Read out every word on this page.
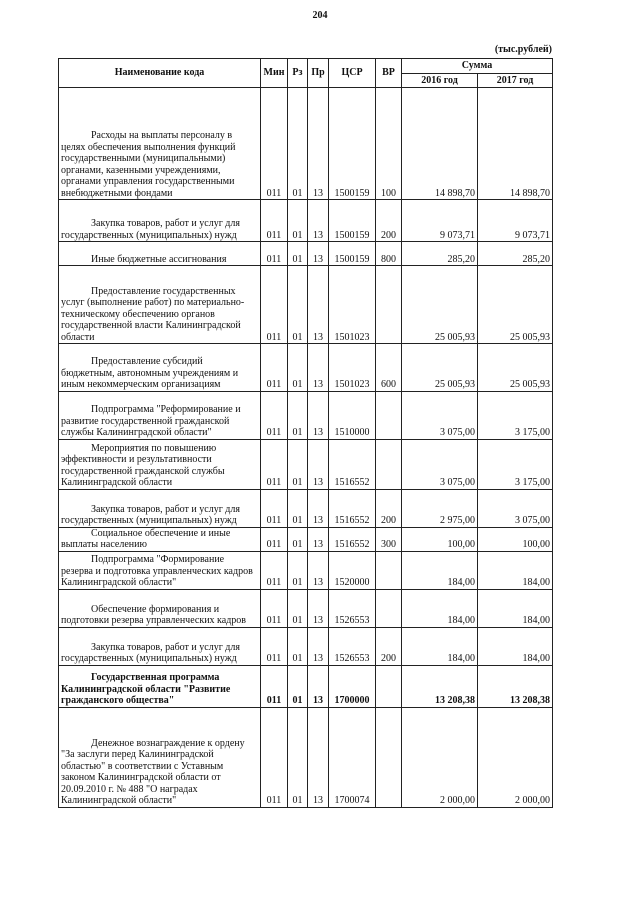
204
(тыс.рублей)
Наименование кода	Мин	Рз	Пр	ЦСР	ВР	Сумма	
						2016 год	2017 год
Расходы на выплаты персоналу в целях обеспечения выполнения функций государственными (муниципальными) органами, казенными учреждениями, органами управления государственными внебюджетными фондами	011	01	13	1500159	100	14 898,70	14 898,70
Закупка товаров, работ и услуг для государственных (муниципальных) нужд	011	01	13	1500159	200	9 073,71	9 073,71
Иные бюджетные ассигнования	011	01	13	1500159	800	285,20	285,20
Предоставление государственных услуг (выполнение работ) по материально-техническому обеспечению органов государственной власти Калининградской области	011	01	13	1501023		25 005,93	25 005,93
Предоставление субсидий бюджетным, автономным учреждениям и иным некоммерческим организациям	011	01	13	1501023	600	25 005,93	25 005,93
Подпрограмма "Реформирование и развитие государственной гражданской службы Калининградской области"	011	01	13	1510000		3 075,00	3 175,00
Мероприятия по повышению эффективности и результативности государственной гражданской службы Калининградской области	011	01	13	1516552		3 075,00	3 175,00
Закупка товаров, работ и услуг для государственных (муниципальных) нужд	011	01	13	1516552	200	2 975,00	3 075,00
Социальное обеспечение и иные выплаты населению	011	01	13	1516552	300	100,00	100,00
Подпрограмма "Формирование резерва и подготовка управленческих кадров Калининградской области"	011	01	13	1520000		184,00	184,00
Обеспечение формирования и подготовки резерва управленческих кадров	011	01	13	1526553		184,00	184,00
Закупка товаров, работ и услуг для государственных (муниципальных) нужд	011	01	13	1526553	200	184,00	184,00
Государственная программа Калининградской области "Развитие гражданского общества"	011	01	13	1700000		13 208,38	13 208,38
Денежное вознаграждение к ордену "За заслуги перед Калининградской областью" в соответствии с Уставным законом Калининградской области от 20.09.2010 г. № 488 "О наградах Калининградской области"	011	01	13	1700074		2 000,00	2 000,00
